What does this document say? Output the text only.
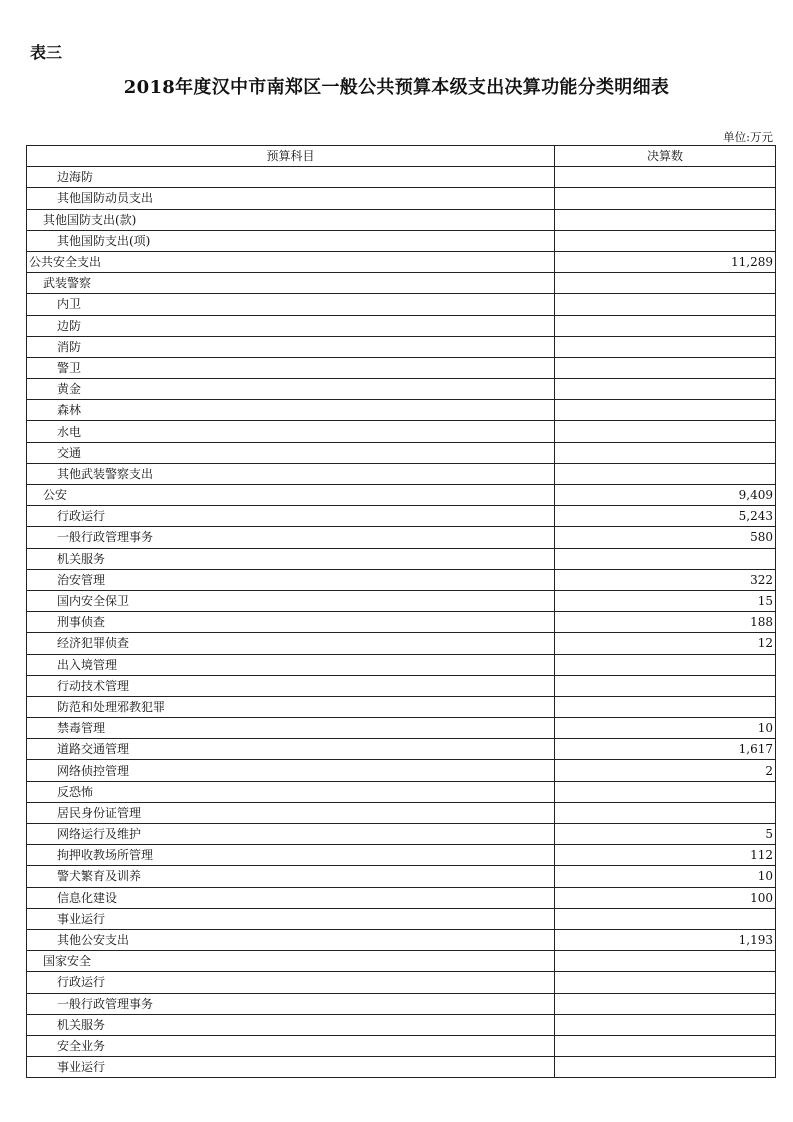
表三
2018年度汉中市南郑区一般公共预算本级支出决算功能分类明细表
单位:万元
预算科目	决算数
边海防	
其他国防动员支出	
其他国防支出(款)	
其他国防支出(项)	
公共安全支出	11,289
武装警察	
内卫	
边防	
消防	
警卫	
黄金	
森林	
水电	
交通	
其他武装警察支出	
公安	9,409
行政运行	5,243
一般行政管理事务	580
机关服务	
治安管理	322
国内安全保卫	15
刑事侦查	188
经济犯罪侦查	12
出入境管理	
行动技术管理	
防范和处理邪教犯罪	
禁毒管理	10
道路交通管理	1,617
网络侦控管理	2
反恐怖	
居民身份证管理	
网络运行及维护	5
拘押收教场所管理	112
警犬繁育及训养	10
信息化建设	100
事业运行	
其他公安支出	1,193
国家安全	
行政运行	
一般行政管理事务	
机关服务	
安全业务	
事业运行	
